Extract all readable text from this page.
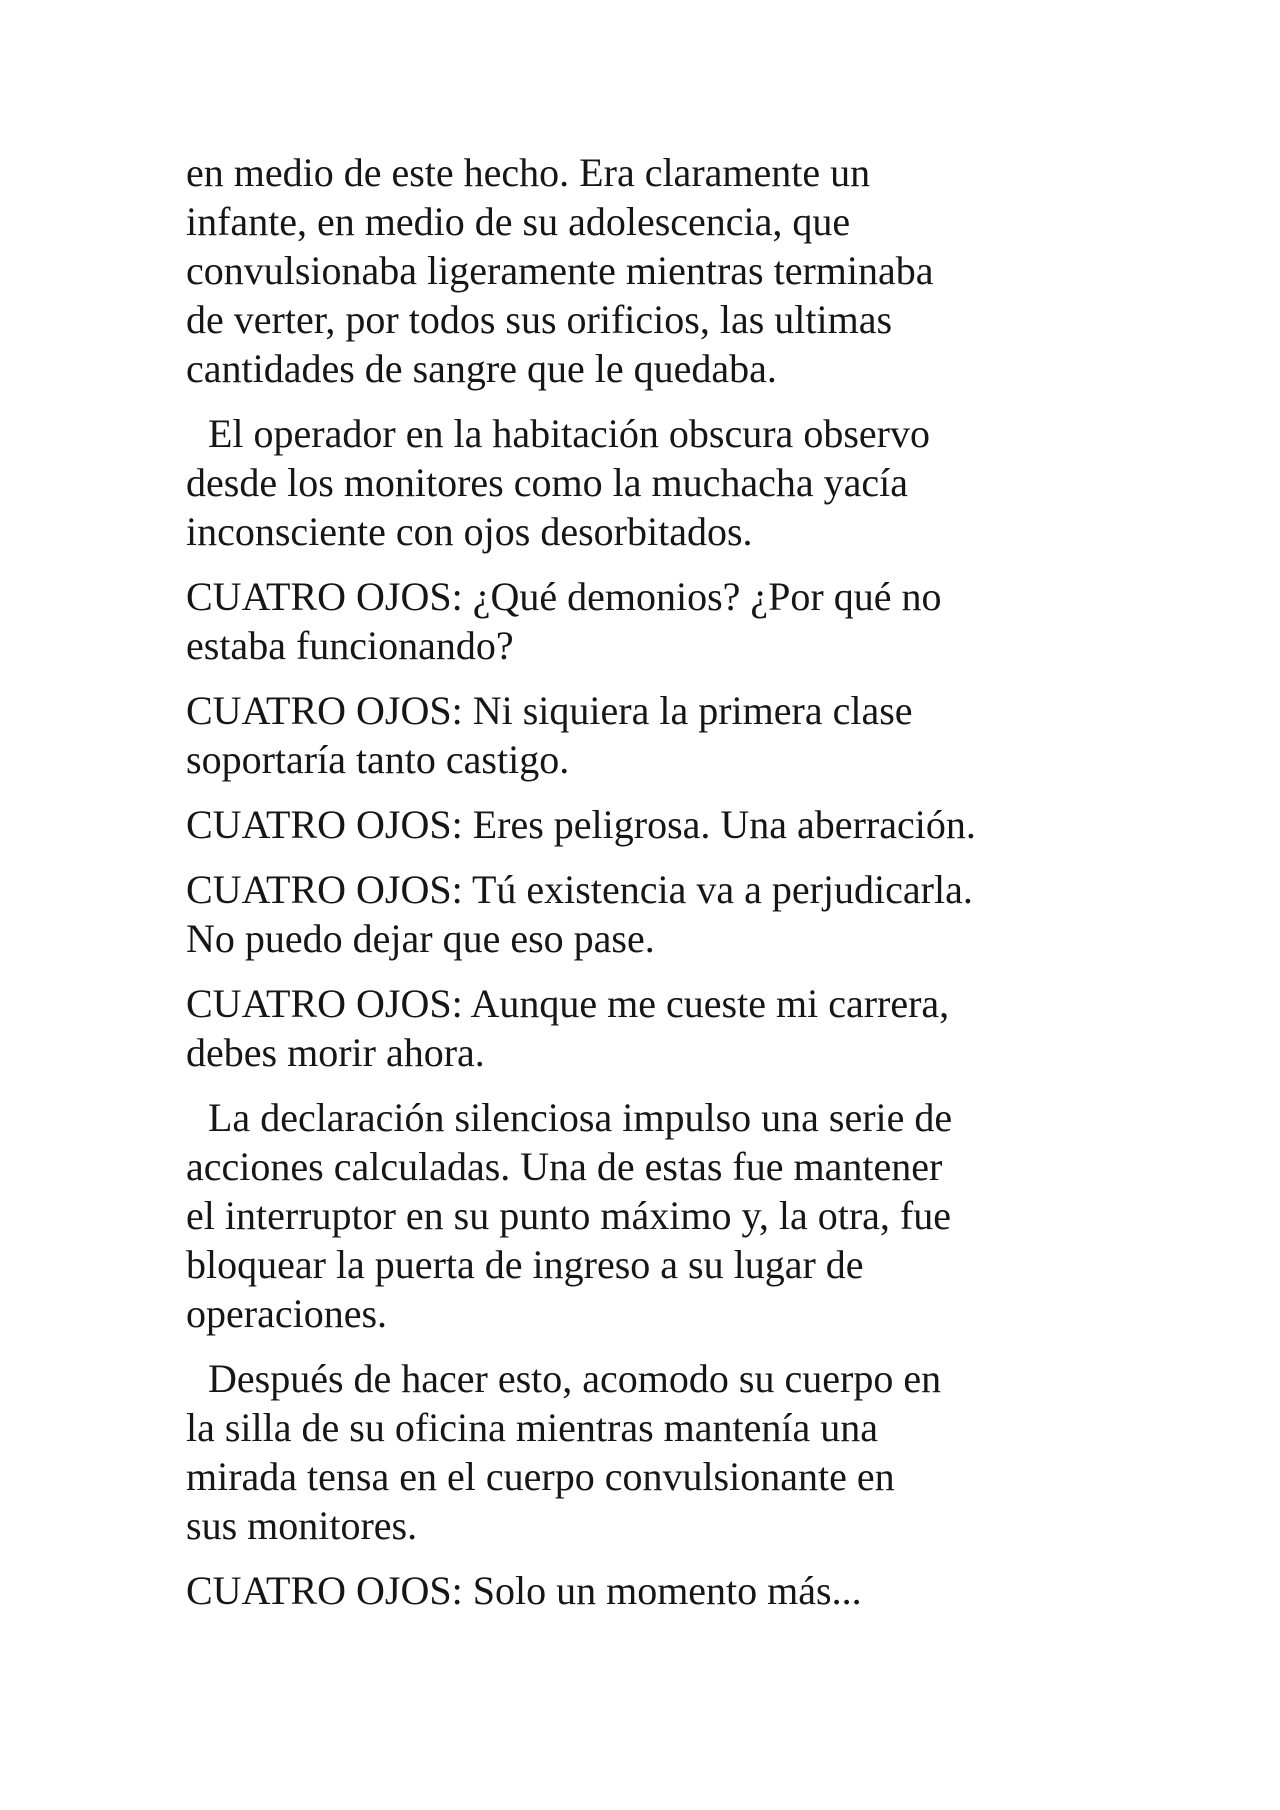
en medio de este hecho. Era claramente un
infante, en medio de su adolescencia, que
convulsionaba ligeramente mientras terminaba
de verter, por todos sus orificios, las ultimas
cantidades de sangre que le quedaba.

El operador en la habitación obscura observo
desde los monitores como la muchacha yacía
inconsciente con ojos desorbitados.

CUATRO OJOS: ¿Qué demonios? ¿Por qué no
estaba funcionando?

CUATRO OJOS: Ni siquiera la primera clase
soportaría tanto castigo.

CUATRO OJOS: Eres peligrosa. Una aberración.

CUATRO OJOS: Tú existencia va a perjudicarla.
No puedo dejar que eso pase.

CUATRO OJOS: Aunque me cueste mi carrera,
debes morir ahora.

La declaración silenciosa impulso una serie de
acciones calculadas. Una de estas fue mantener
el interruptor en su punto máximo y, la otra, fue
bloquear la puerta de ingreso a su lugar de
operaciones.

Después de hacer esto, acomodo su cuerpo en
la silla de su oficina mientras mantenía una
mirada tensa en el cuerpo convulsionante en
sus monitores.

CUATRO OJOS: Solo un momento más...
